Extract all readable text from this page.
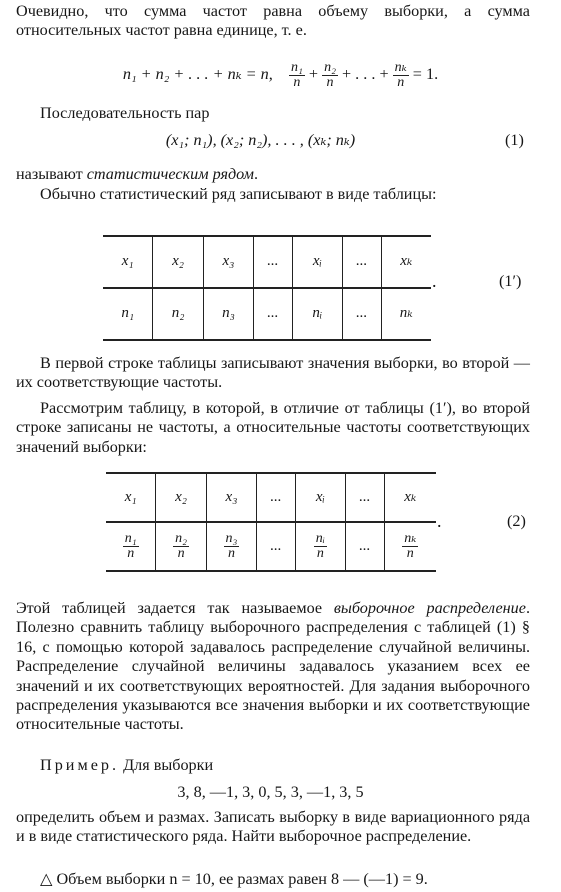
Очевидно, что сумма частот равна объему выборки, а сумма относительных частот равна единице, т. е.
n₁ + n₂ + . . . + nₖ = n, $\frac{\text{n₁}}{n} + \frac{\text{n₂}}{n}$ + . . . + $\frac{\text{nₖ}}{n} = 1$.
Последовательность пар
(x₁; n₁), (x₂; n₂), . . . , (xₖ; nₖ)	(1)
называют статистическим рядом.
Обычно статистический ряд записывают в виде таблицы:
x₁	x₂	x₃	...	xᵢ	...	xₖ
n₁	n₂	n₃	...	nᵢ	...	nₖ
.	(1′)
В первой строке таблицы записывают значения выборки, во второй — их соответствующие частоты.
Рассмотрим таблицу, в которой, в отличие от таблицы (1′), во второй строке записаны не частоты, а относительные частоты соответствующих значений выборки:
x₁	x₂	x₃	...	xᵢ	...	xₖ

$\frac{\text{n₁}}{n}$	$\frac{\text{n₂}}{n}$	$\frac{\text{n₃}}{n}$	...	$\frac{\text{nᵢ}}{n}$	...	$\frac{\text{nₖ}}{n}$
.	(2)
Этой таблицей задается так называемое выборочное распределение. Полезно сравнить таблицу выборочного распределения с таблицей (1) § 16, с помощью которой задавалось распределение случайной величины. Распределение случайной величины задавалось указанием всех ее значений и их соответствующих вероятностей. Для задания выборочного распределения указываются все значения выборки и их соответствующие относительные частоты.
Пример. Для выборки
3, 8, —1, 3, 0, 5, 3, —1, 3, 5
определить объем и размах. Записать выборку в виде вариационного ряда и в виде статистического ряда. Найти выборочное распределение.
△ Объем выборки n = 10, ее размах равен 8 — (—1) = 9.
